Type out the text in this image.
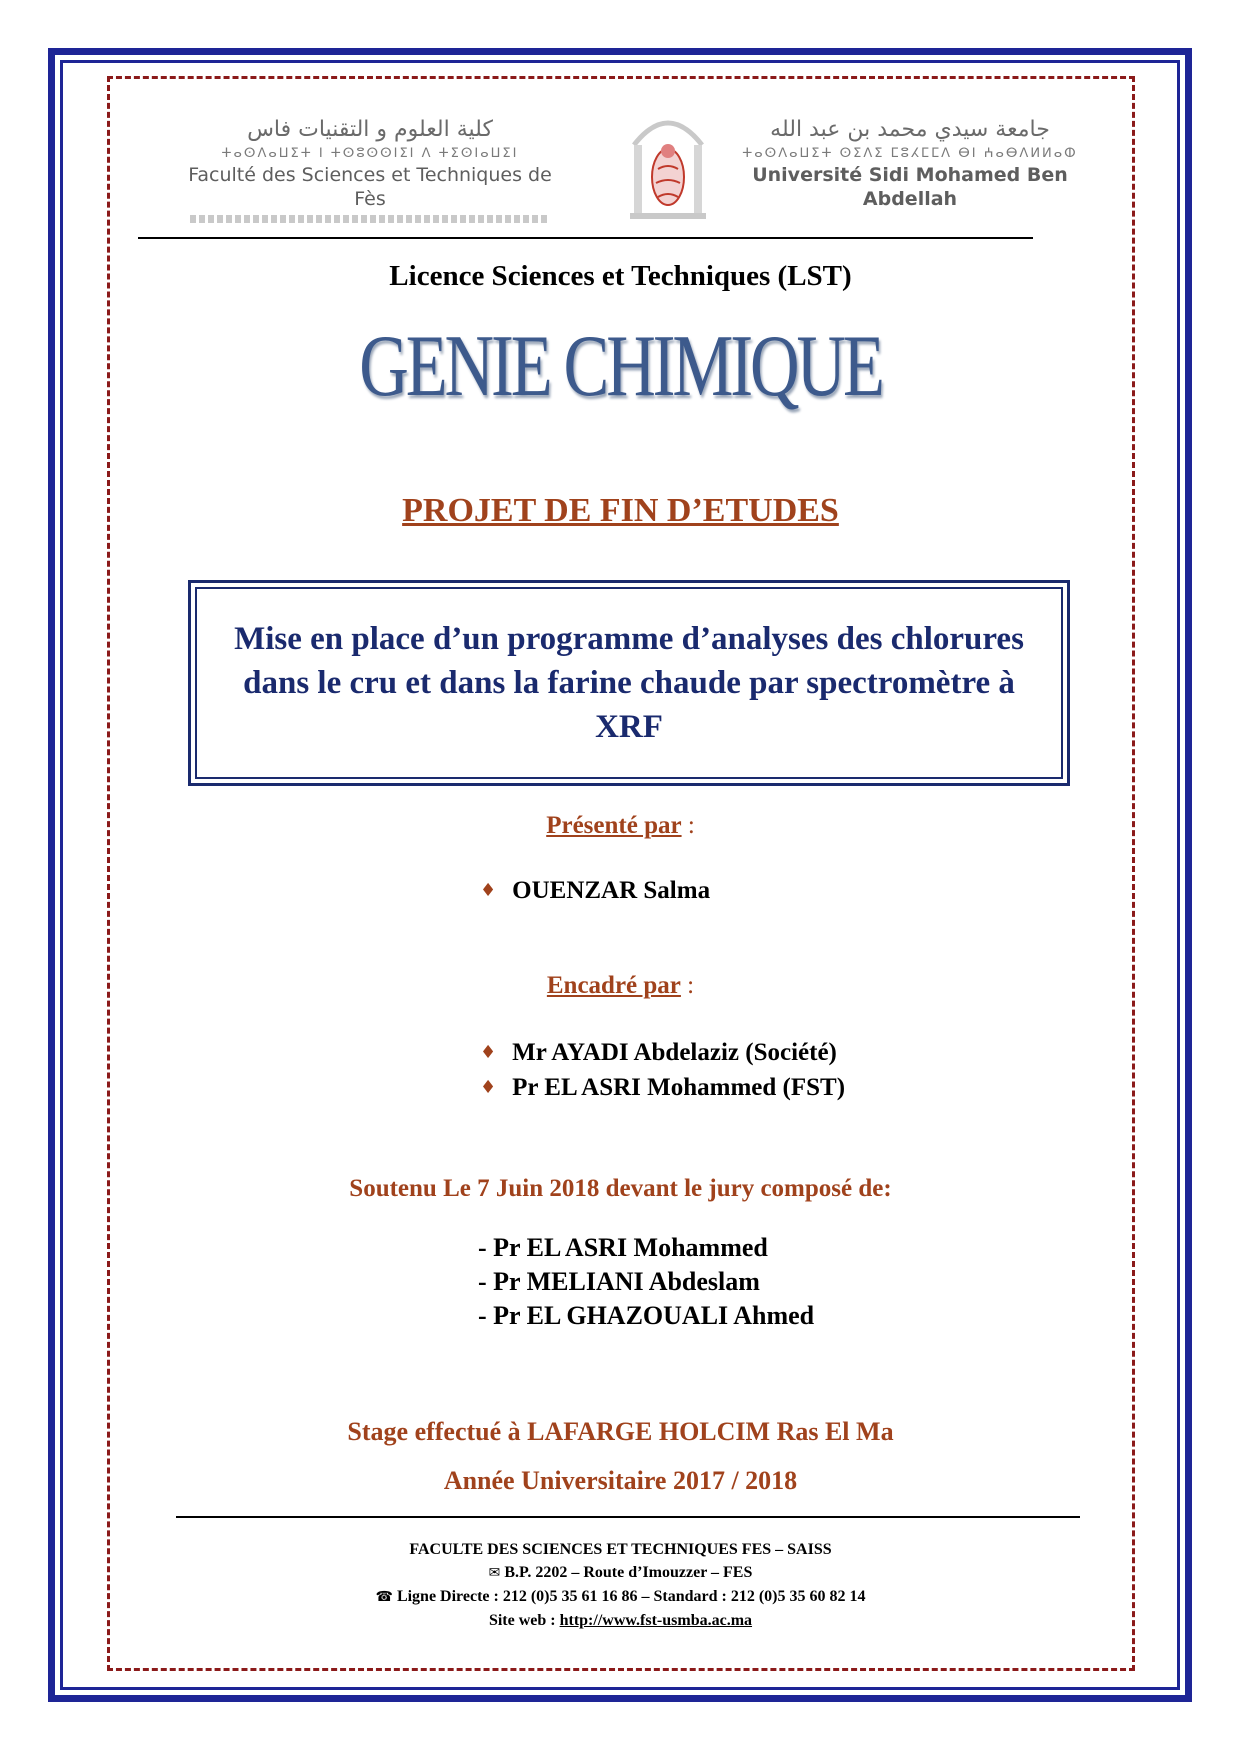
كلية العلوم و التقنيات فاس
ⵜⴰⵙⴷⴰⵡⵉⵜ ⵏ ⵜⵙⵓⵙⵙⵏⵉⵏ ⴷ ⵜⵉⵙⵏⴰⵡⵉⵏ
Faculté des Sciences et Techniques de Fès
جامعة سيدي محمد بن عبد الله
ⵜⴰⵙⴷⴰⵡⵉⵜ ⵙⵉⴷⵉ ⵎⵓⵃⵎⵎⴷ ⴱⵏ ⵄⴰⴱⴷⵍⵍⴰⵀ
Université Sidi Mohamed Ben Abdellah
Licence Sciences et Techniques (LST)
GENIE CHIMIQUE
PROJET DE FIN D’ETUDES
Mise en place d’un programme d’analyses des chlorures dans le cru et dans la farine chaude par spectromètre à XRF
Présenté par :
♦ OUENZAR Salma
Encadré par :
♦ Mr AYADI Abdelaziz (Société)
♦ Pr EL ASRI Mohammed (FST)
Soutenu Le 7 Juin 2018 devant le jury composé de:
- Pr EL ASRI Mohammed
- Pr MELIANI Abdeslam
- Pr EL GHAZOUALI Ahmed
Stage effectué à LAFARGE HOLCIM Ras El Ma
Année Universitaire 2017 / 2018
FACULTE DES SCIENCES ET TECHNIQUES FES – SAISS
✉ B.P. 2202 – Route d’Imouzzer – FES
☎ Ligne Directe : 212 (0)5 35 61 16 86 – Standard : 212 (0)5 35 60 82 14
Site web : http://www.fst-usmba.ac.ma
